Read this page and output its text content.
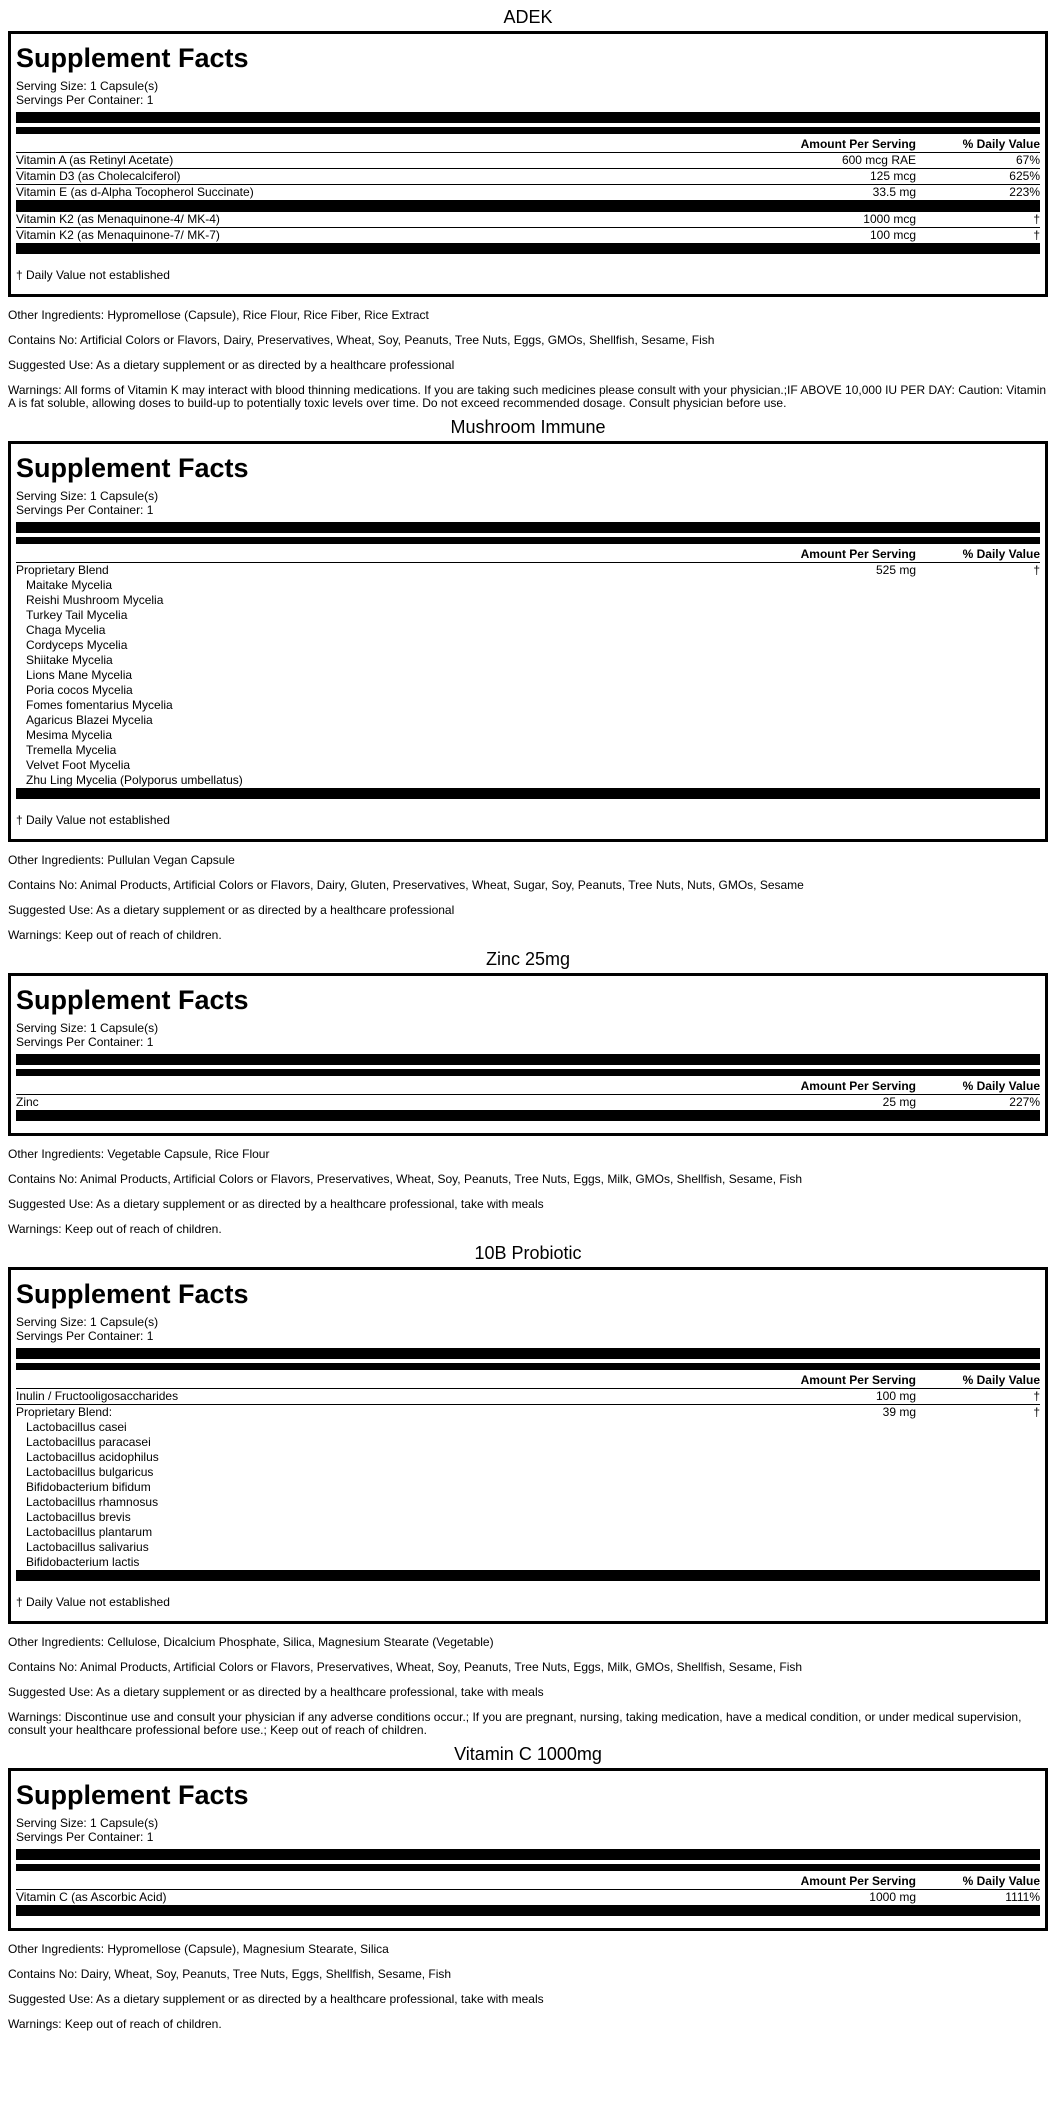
ADEK
Supplement Facts
Serving Size: 1 Capsule(s)
Servings Per Container: 1
Amount Per Serving	% Daily Value
Vitamin A (as Retinyl Acetate)	600 mcg RAE	67%
Vitamin D3 (as Cholecalciferol)	125 mcg	625%
Vitamin E (as d-Alpha Tocopherol Succinate)	33.5 mg	223%
Vitamin K2 (as Menaquinone-4/ MK-4)	1000 mcg	†
Vitamin K2 (as Menaquinone-7/ MK-7)	100 mcg	†
† Daily Value not established

Other Ingredients: Hypromellose (Capsule), Rice Flour, Rice Fiber, Rice Extract

Contains No: Artificial Colors or Flavors, Dairy, Preservatives, Wheat, Soy, Peanuts, Tree Nuts, Eggs, GMOs, Shellfish, Sesame, Fish

Suggested Use: As a dietary supplement or as directed by a healthcare professional

Warnings: All forms of Vitamin K may interact with blood thinning medications. If you are taking such medicines please consult with your physician.;IF ABOVE 10,000 IU PER DAY: Caution: Vitamin A is fat soluble, allowing doses to build-up to potentially toxic levels over time. Do not exceed recommended dosage. Consult physician before use.

Mushroom Immune
Supplement Facts
Serving Size: 1 Capsule(s)
Servings Per Container: 1
Amount Per Serving	% Daily Value
Proprietary Blend	525 mg	†
Maitake Mycelia
Reishi Mushroom Mycelia
Turkey Tail Mycelia
Chaga Mycelia
Cordyceps Mycelia
Shiitake Mycelia
Lions Mane Mycelia
Poria cocos Mycelia
Fomes fomentarius Mycelia
Agaricus Blazei Mycelia
Mesima Mycelia
Tremella Mycelia
Velvet Foot Mycelia
Zhu Ling Mycelia (Polyporus umbellatus)
† Daily Value not established

Other Ingredients: Pullulan Vegan Capsule

Contains No: Animal Products, Artificial Colors or Flavors, Dairy, Gluten, Preservatives, Wheat, Sugar, Soy, Peanuts, Tree Nuts, Nuts, GMOs, Sesame

Suggested Use: As a dietary supplement or as directed by a healthcare professional

Warnings: Keep out of reach of children.

Zinc 25mg
Supplement Facts
Serving Size: 1 Capsule(s)
Servings Per Container: 1
Amount Per Serving	% Daily Value
Zinc	25 mg	227%

Other Ingredients: Vegetable Capsule, Rice Flour

Contains No: Animal Products, Artificial Colors or Flavors, Preservatives, Wheat, Soy, Peanuts, Tree Nuts, Eggs, Milk, GMOs, Shellfish, Sesame, Fish

Suggested Use: As a dietary supplement or as directed by a healthcare professional, take with meals

Warnings: Keep out of reach of children.

10B Probiotic
Supplement Facts
Serving Size: 1 Capsule(s)
Servings Per Container: 1
Amount Per Serving	% Daily Value
Inulin / Fructooligosaccharides	100 mg	†
Proprietary Blend:	39 mg	†
Lactobacillus casei
Lactobacillus paracasei
Lactobacillus acidophilus
Lactobacillus bulgaricus
Bifidobacterium bifidum
Lactobacillus rhamnosus
Lactobacillus brevis
Lactobacillus plantarum
Lactobacillus salivarius
Bifidobacterium lactis
† Daily Value not established

Other Ingredients: Cellulose, Dicalcium Phosphate, Silica, Magnesium Stearate (Vegetable)

Contains No: Animal Products, Artificial Colors or Flavors, Preservatives, Wheat, Soy, Peanuts, Tree Nuts, Eggs, Milk, GMOs, Shellfish, Sesame, Fish

Suggested Use: As a dietary supplement or as directed by a healthcare professional, take with meals

Warnings: Discontinue use and consult your physician if any adverse conditions occur.; If you are pregnant, nursing, taking medication, have a medical condition, or under medical supervision, consult your healthcare professional before use.; Keep out of reach of children.

Vitamin C 1000mg
Supplement Facts
Serving Size: 1 Capsule(s)
Servings Per Container: 1
Amount Per Serving	% Daily Value
Vitamin C (as Ascorbic Acid)	1000 mg	1111%

Other Ingredients: Hypromellose (Capsule), Magnesium Stearate, Silica

Contains No: Dairy, Wheat, Soy, Peanuts, Tree Nuts, Eggs, Shellfish, Sesame, Fish

Suggested Use: As a dietary supplement or as directed by a healthcare professional, take with meals

Warnings: Keep out of reach of children.
